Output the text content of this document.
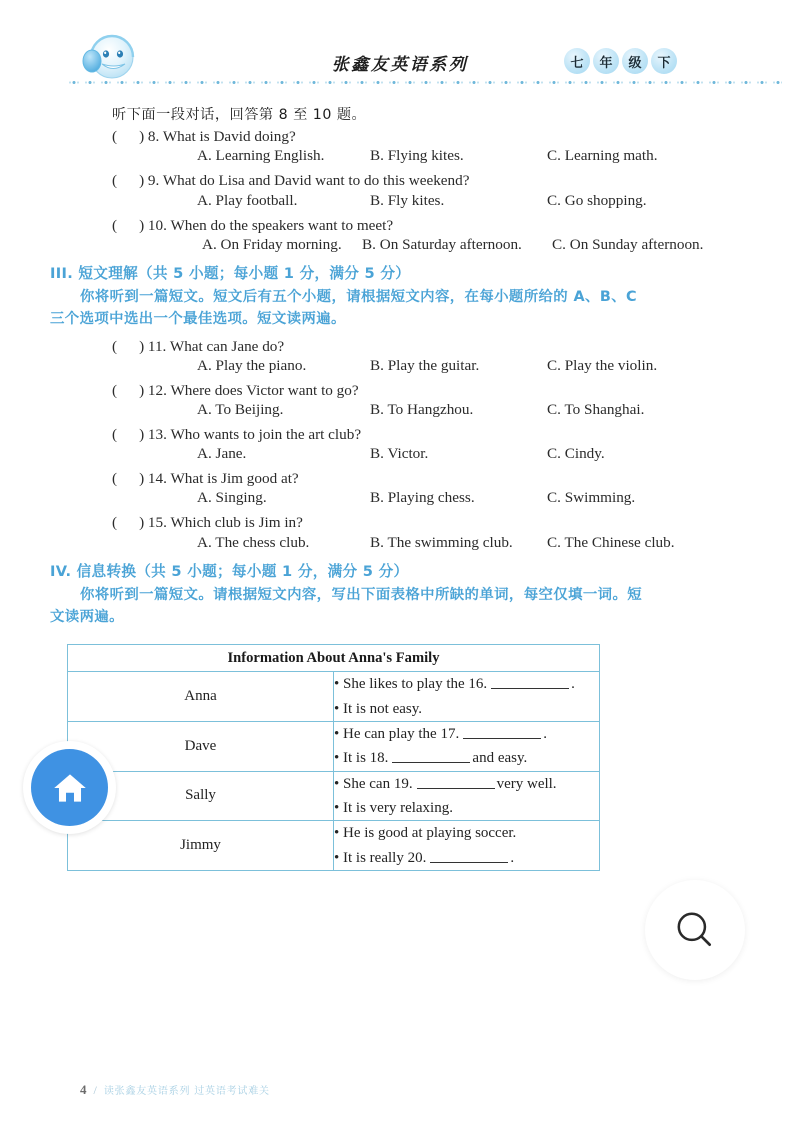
张鑫友英语系列	七	年	级	下
听下面一段对话，回答第 8 至 10 题。
( ) 8. What is David doing?
A. Learning English.	B. Flying kites.	C. Learning math.
( ) 9. What do Lisa and David want to do this weekend?
A. Play football.	B. Fly kites.	C. Go shopping.
( ) 10. When do the speakers want to meet?
A. On Friday morning. B. On Saturday afternoon. C. On Sunday afternoon.
III. 短文理解（共 5 小题；每小题 1 分，满分 5 分）
你将听到一篇短文。短文后有五个小题，请根据短文内容，在每小题所给的 A、B、C
三个选项中选出一个最佳选项。短文读两遍。
( ) 11. What can Jane do?
A. Play the piano.	B. Play the guitar.	C. Play the violin.
( ) 12. Where does Victor want to go?
A. To Beijing.	B. To Hangzhou.	C. To Shanghai.
( ) 13. Who wants to join the art club?
A. Jane.	B. Victor.	C. Cindy.
( ) 14. What is Jim good at?
A. Singing.	B. Playing chess.	C. Swimming.
( ) 15. Which club is Jim in?
A. The chess club.	B. The swimming club. C. The Chinese club.
IV. 信息转换（共 5 小题；每小题 1 分，满分 5 分）
你将听到一篇短文。请根据短文内容，写出下面表格中所缺的单词，每空仅填一词。短
文读两遍。
Information About Anna's Family	
Anna	• She likes to play the 16. .
• It is not easy.

Dave	• He can play the 17. .
• It is 18. and easy.

Sally	• She can 19. very well.
• It is very relaxing.

Jimmy	• He is good at playing soccer.
• It is really 20. .
4 / 读张鑫友英语系列 过英语考试难关
